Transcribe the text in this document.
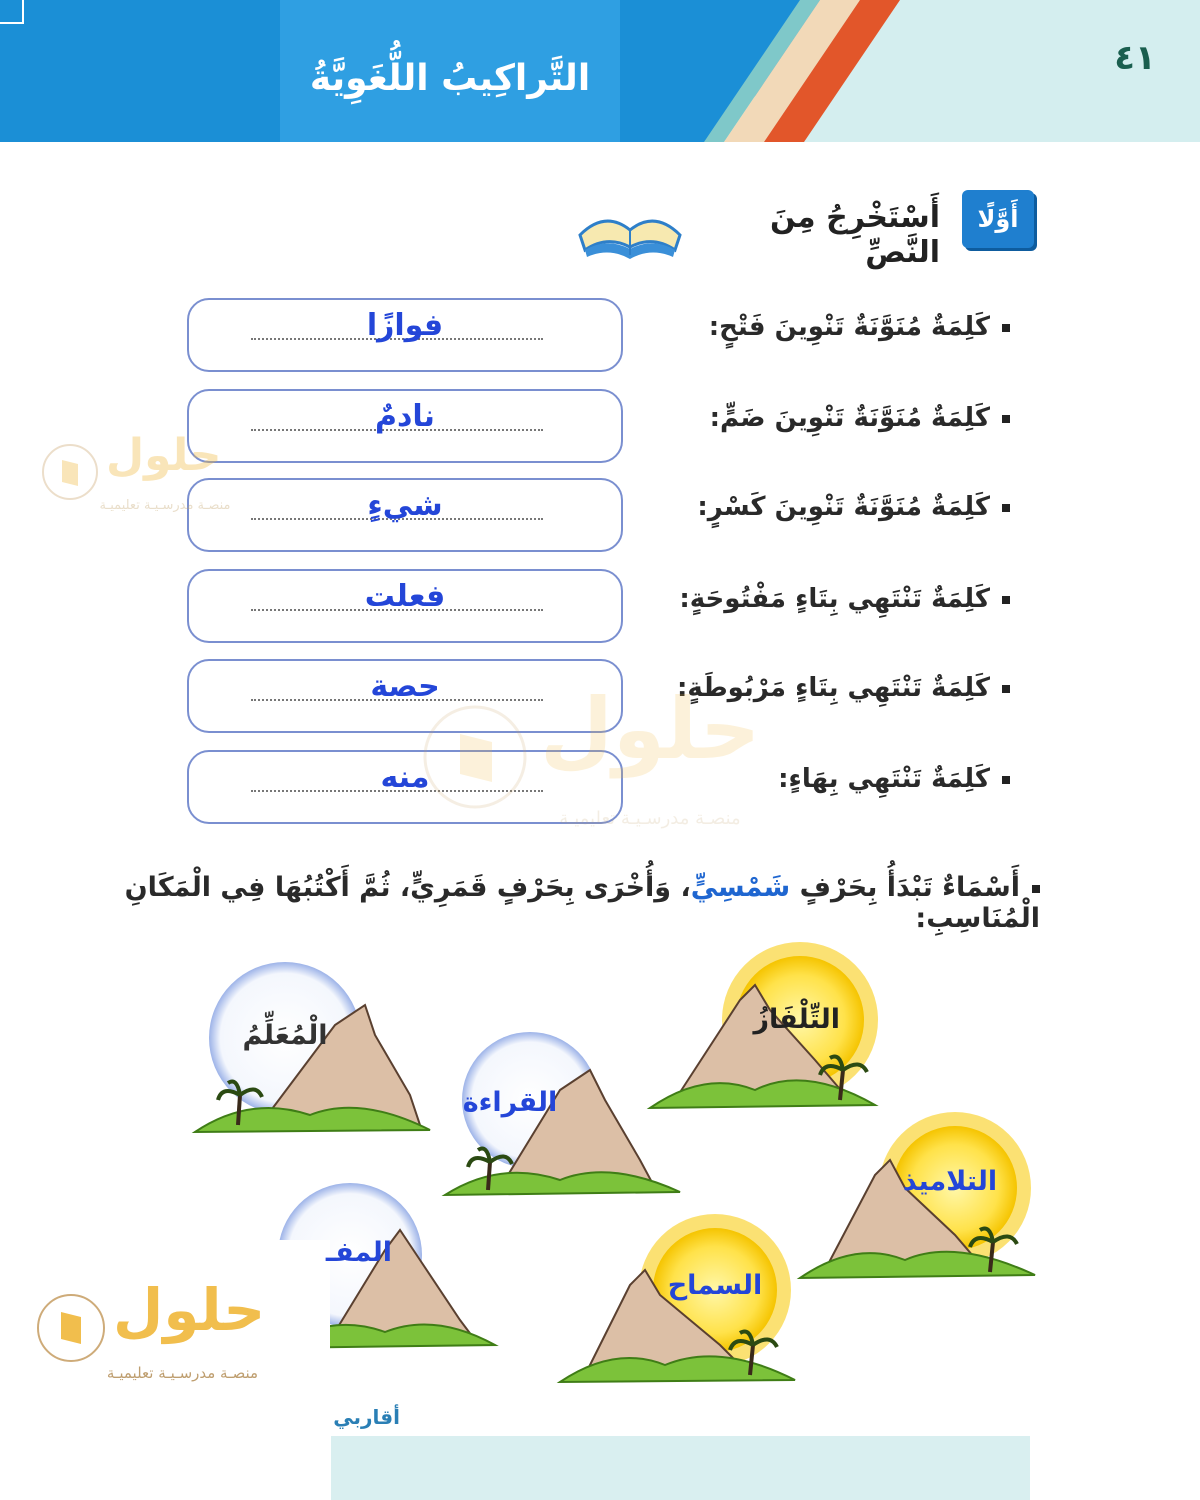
التَّراكِيبُ اللُّغَوِيَّةُ	٤١
أَوَّلًا
أَسْتَخْرِجُ مِنَ النَّصِّ
كَلِمَةٌ مُنَوَّنَةٌ تَنْوِينَ فَتْحٍ:
فوازًا
كَلِمَةٌ مُنَوَّنَةٌ تَنْوِينَ ضَمٍّ:
نادمٌ
كَلِمَةٌ مُنَوَّنَةٌ تَنْوِينَ كَسْرٍ:
شيءٍ
كَلِمَةٌ تَنْتَهِي بِتَاءٍ مَفْتُوحَةٍ:
فعلت
كَلِمَةٌ تَنْتَهِي بِتَاءٍ مَرْبُوطَةٍ:
حصة
كَلِمَةٌ تَنْتَهِي بِهَاءٍ:
منه
حلول
منصـة مدرسـيـة تعليميـة
حلول
منصـة مدرسـيـة تعليميـة
أَسْمَاءٌ تَبْدَأُ بِحَرْفٍ شَمْسِيٍّ، وَأُخْرَى بِحَرْفٍ قَمَرِيٍّ، ثُمَّ أَكْتُبُهَا فِي الْمَكَانِ الْمُنَاسِبِ:
التِّلْفَازُ
القراءة
الْمُعَلِّمُ
التلاميذ
السماح
المفـ
حلول
منصـة مدرسـيـة تعليميـة
أقاربي
